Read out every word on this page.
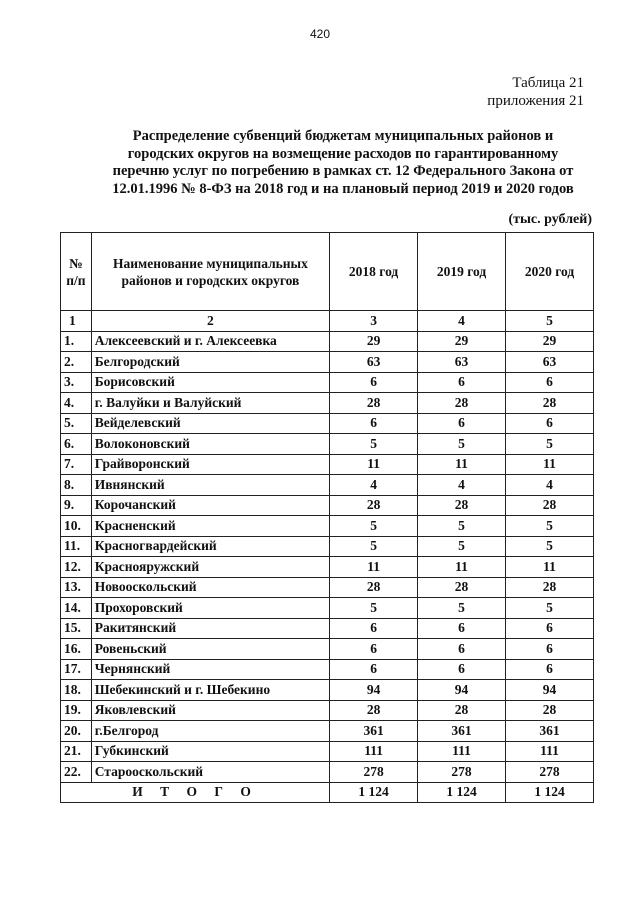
420
Таблица 21
приложения 21
Распределение субвенций бюджетам муниципальных районов и
городских округов на возмещение расходов по гарантированному
перечню услуг по погребению в рамках ст. 12 Федерального Закона от
12.01.1996 № 8-ФЗ на 2018 год и на плановый период 2019 и 2020 годов
(тыс. рублей)
№ п/п	Наименование муниципальных районов и городских округов	2018 год	2019 год	2020 год
1	2	3	4	5
1.	Алексеевский и г. Алексеевка	29	29	29
2.	Белгородский	63	63	63
3.	Борисовский	6	6	6
4.	г. Валуйки и Валуйский	28	28	28
5.	Вейделевский	6	6	6
6.	Волоконовский	5	5	5
7.	Грайворонский	11	11	11
8.	Ивнянский	4	4	4
9.	Корочанский	28	28	28
10.	Красненский	5	5	5
11.	Красногвардейский	5	5	5
12.	Краснояружский	11	11	11
13.	Новооскольский	28	28	28
14.	Прохоровский	5	5	5
15.	Ракитянский	6	6	6
16.	Ровеньский	6	6	6
17.	Чернянский	6	6	6
18.	Шебекинский и г. Шебекино	94	94	94
19.	Яковлевский	28	28	28
20.	г.Белгород	361	361	361
21.	Губкинский	111	111	111
22.	Старооскольский	278	278	278
И Т О Г О		1 124	1 124	1 124
